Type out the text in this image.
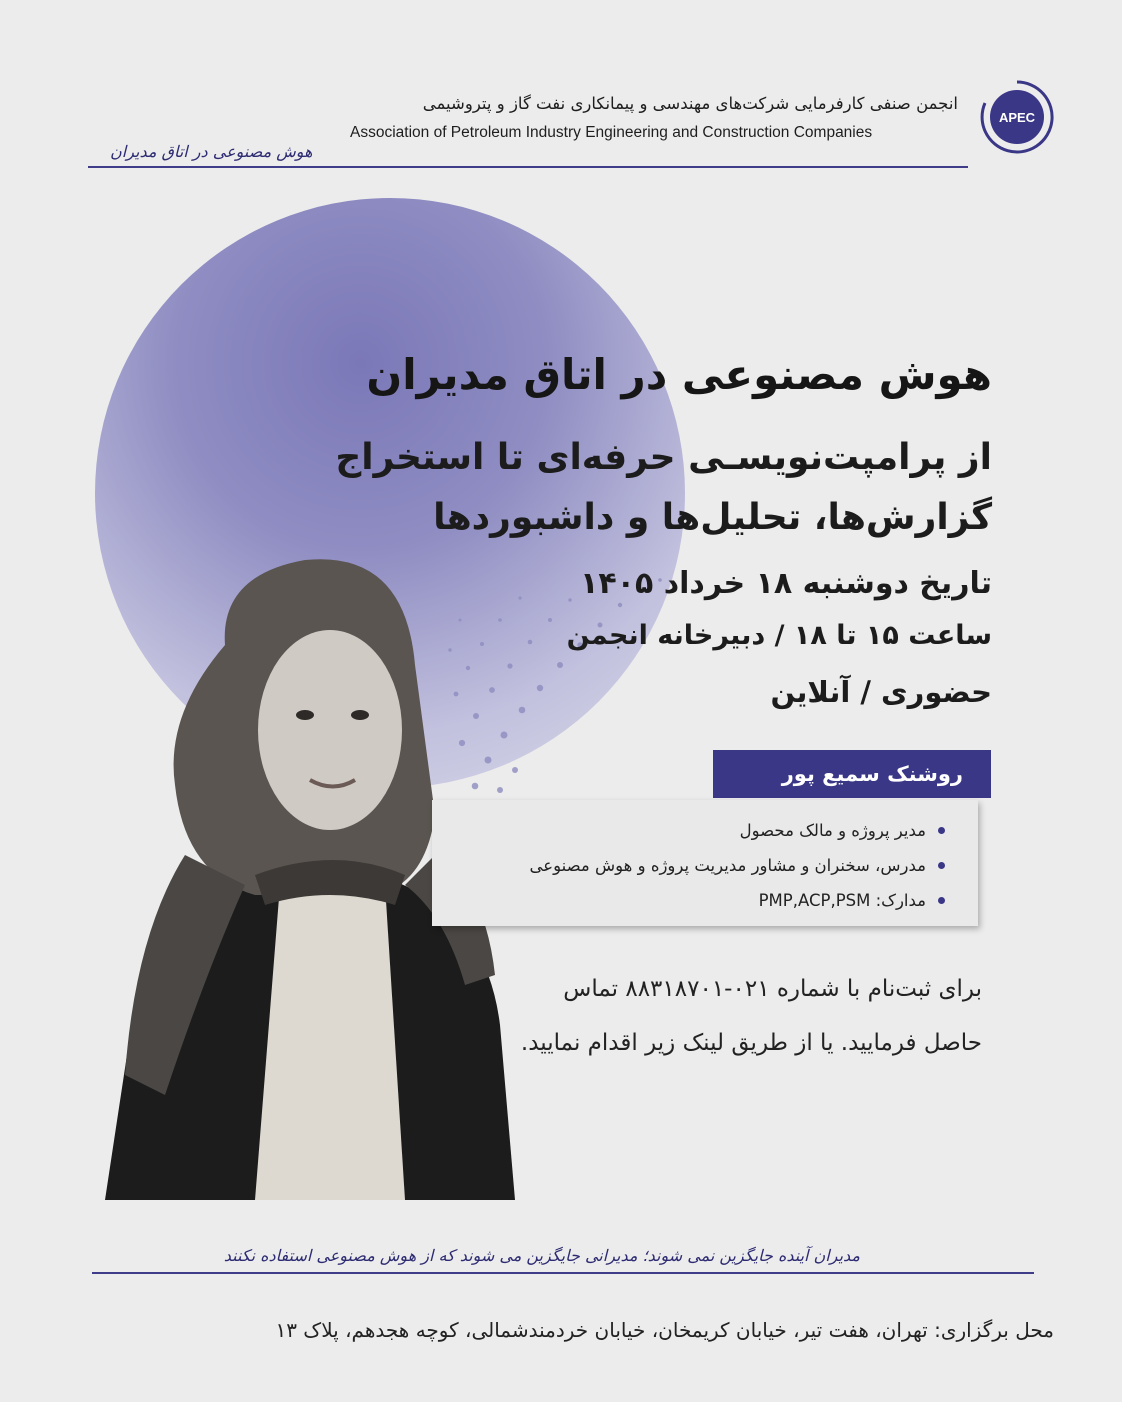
APEC
انجمن صنفی کارفرمایی شرکت‌های مهندسی و پیمانکاری نفت گاز و پتروشیمی
Association of Petroleum Industry Engineering and Construction Companies
هوش مصنوعی در اتاق مدیران
هوش مصنوعی در اتاق مدیران
از پرامپت‌نویسـی حرفه‌ای تا استخراج گزارش‌ها، تحلیل‌ها و داشبوردها
تاریخ دوشنبه ۱۸ خرداد ۱۴۰۵
ساعت ۱۵ تا ۱۸ / دبیرخانه انجمن
حضوری / آنلاین
روشنک سمیع پور
مدیر پروژه و مالک محصول
مدرس، سخنران و مشاور مدیریت پروژه و هوش مصنوعی
مدارک: PMP,ACP,PSM
برای ثبت‌نام با شماره ۰۲۱-۸۸۳۱۸۷۰۱ تماس حاصل فرمایید. یا از طریق لینک زیر اقدام نمایید.
مدیران آینده جایگزین نمی شوند؛ مدیرانی جایگزین می شوند که از هوش مصنوعی استفاده نکنند
محل برگزاری: تهران، هفت تیر، خیابان کریمخان، خیابان خردمندشمالی، کوچه هجدهم، پلاک ۱۳
